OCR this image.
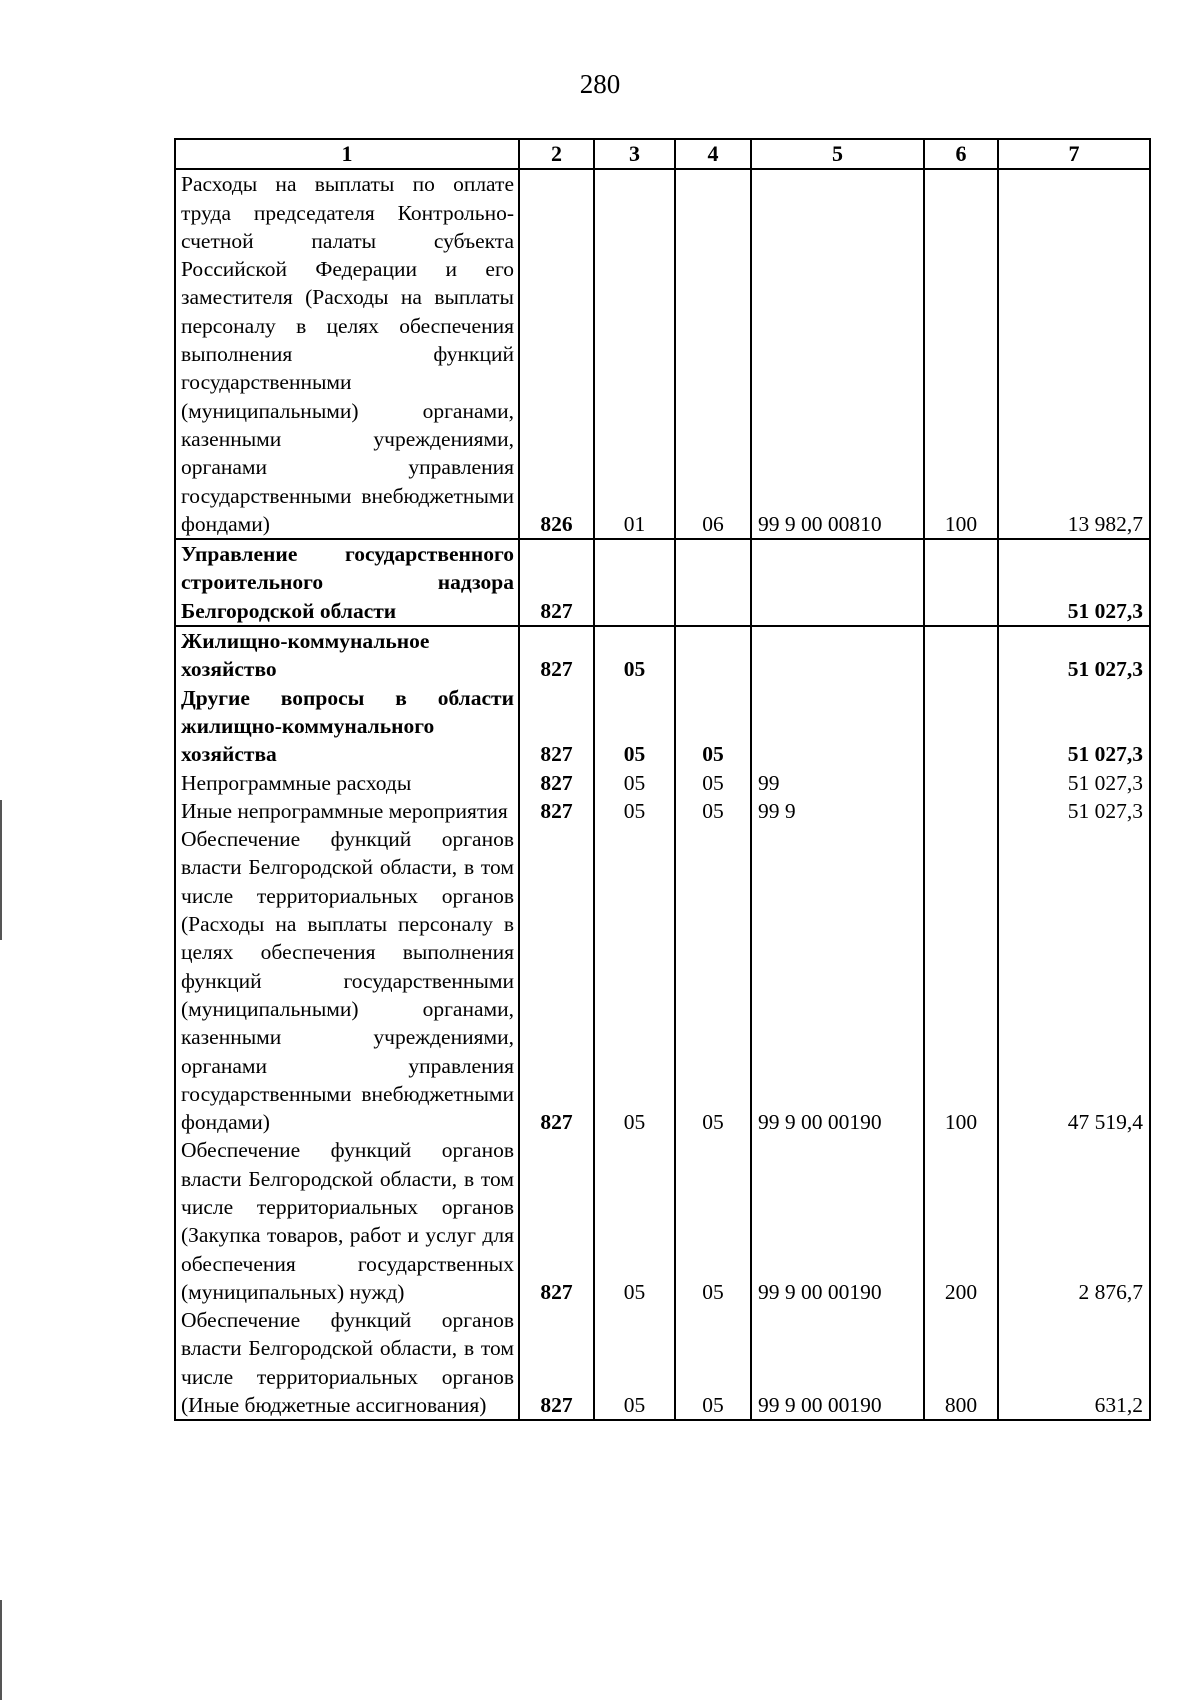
280
1	2	3	4	5	6	7
Расходы на выплаты по оплате труда председателя Контрольно-счетной палаты субъекта Российской Федерации и его заместителя (Расходы на выплаты персоналу в целях обеспечения выполнения функций государственными (муниципальными) органами, казенными учреждениями, органами управления государственными внебюджетными фондами)	826	01	06	99 9 00 00810	100	13 982,7
Управление государственного строительного надзора Белгородской области	827					51 027,3
Жилищно-коммунальное хозяйство	827	05				51 027,3
Другие вопросы в области жилищно-коммунального хозяйства	827	05	05			51 027,3
Непрограммные расходы	827	05	05	99		51 027,3
Иные непрограммные мероприятия	827	05	05	99 9		51 027,3
Обеспечение функций органов власти Белгородской области, в том числе территориальных органов (Расходы на выплаты персоналу в целях обеспечения выполнения функций государственными (муниципальными) органами, казенными учреждениями, органами управления государственными внебюджетными фондами)	827	05	05	99 9 00 00190	100	47 519,4
Обеспечение функций органов власти Белгородской области, в том числе территориальных органов (Закупка товаров, работ и услуг для обеспечения государственных (муниципальных) нужд)	827	05	05	99 9 00 00190	200	2 876,7
Обеспечение функций органов власти Белгородской области, в том числе территориальных органов (Иные бюджетные ассигнования)	827	05	05	99 9 00 00190	800	631,2
